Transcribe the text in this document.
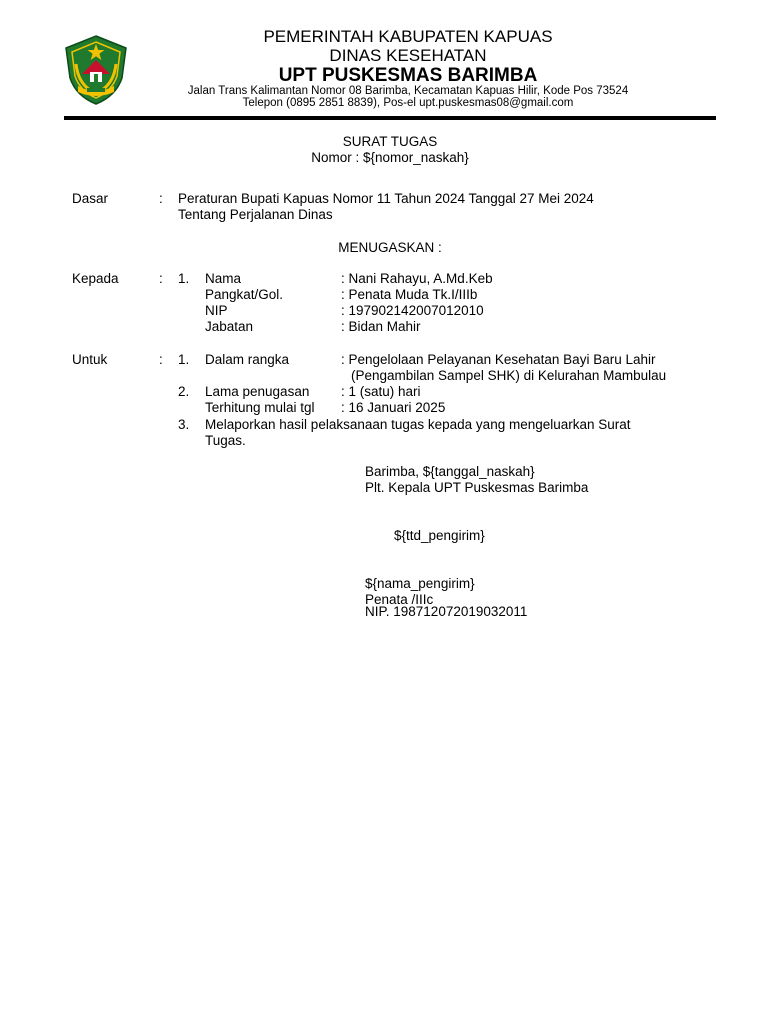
PEMERINTAH KABUPATEN KAPUAS
DINAS KESEHATAN
UPT PUSKESMAS BARIMBA
Jalan Trans Kalimantan Nomor 08 Barimba, Kecamatan Kapuas Hilir, Kode Pos 73524
Telepon (0895 2851 8839), Pos-el upt.puskesmas08@gmail.com
SURAT TUGAS
Nomor : ${nomor_naskah}
Dasar	: Peraturan Bupati Kapuas Nomor 11 Tahun 2024 Tanggal 27 Mei 2024
Tentang Perjalanan Dinas
MENUGASKAN :
Kepada	: 1. Nama	: Nani Rahayu, A.Md.Keb
Pangkat/Gol.	: Penata Muda Tk.I/IIIb
NIP	: 197902142007012010
Jabatan	: Bidan Mahir
Untuk	: 1. Dalam rangka	: Pengelolaan Pelayanan Kesehatan Bayi Baru Lahir
(Pengambilan Sampel SHK) di Kelurahan Mambulau
2. Lama penugasan : 1 (satu) hari
Terhitung mulai tgl : 16 Januari 2025
3. Melaporkan hasil pelaksanaan tugas kepada yang mengeluarkan Surat
Tugas.
Barimba, ${tanggal_naskah}
Plt. Kepala UPT Puskesmas Barimba
${ttd_pengirim}
${nama_pengirim}
Penata /IIIc
NIP. 198712072019032011
